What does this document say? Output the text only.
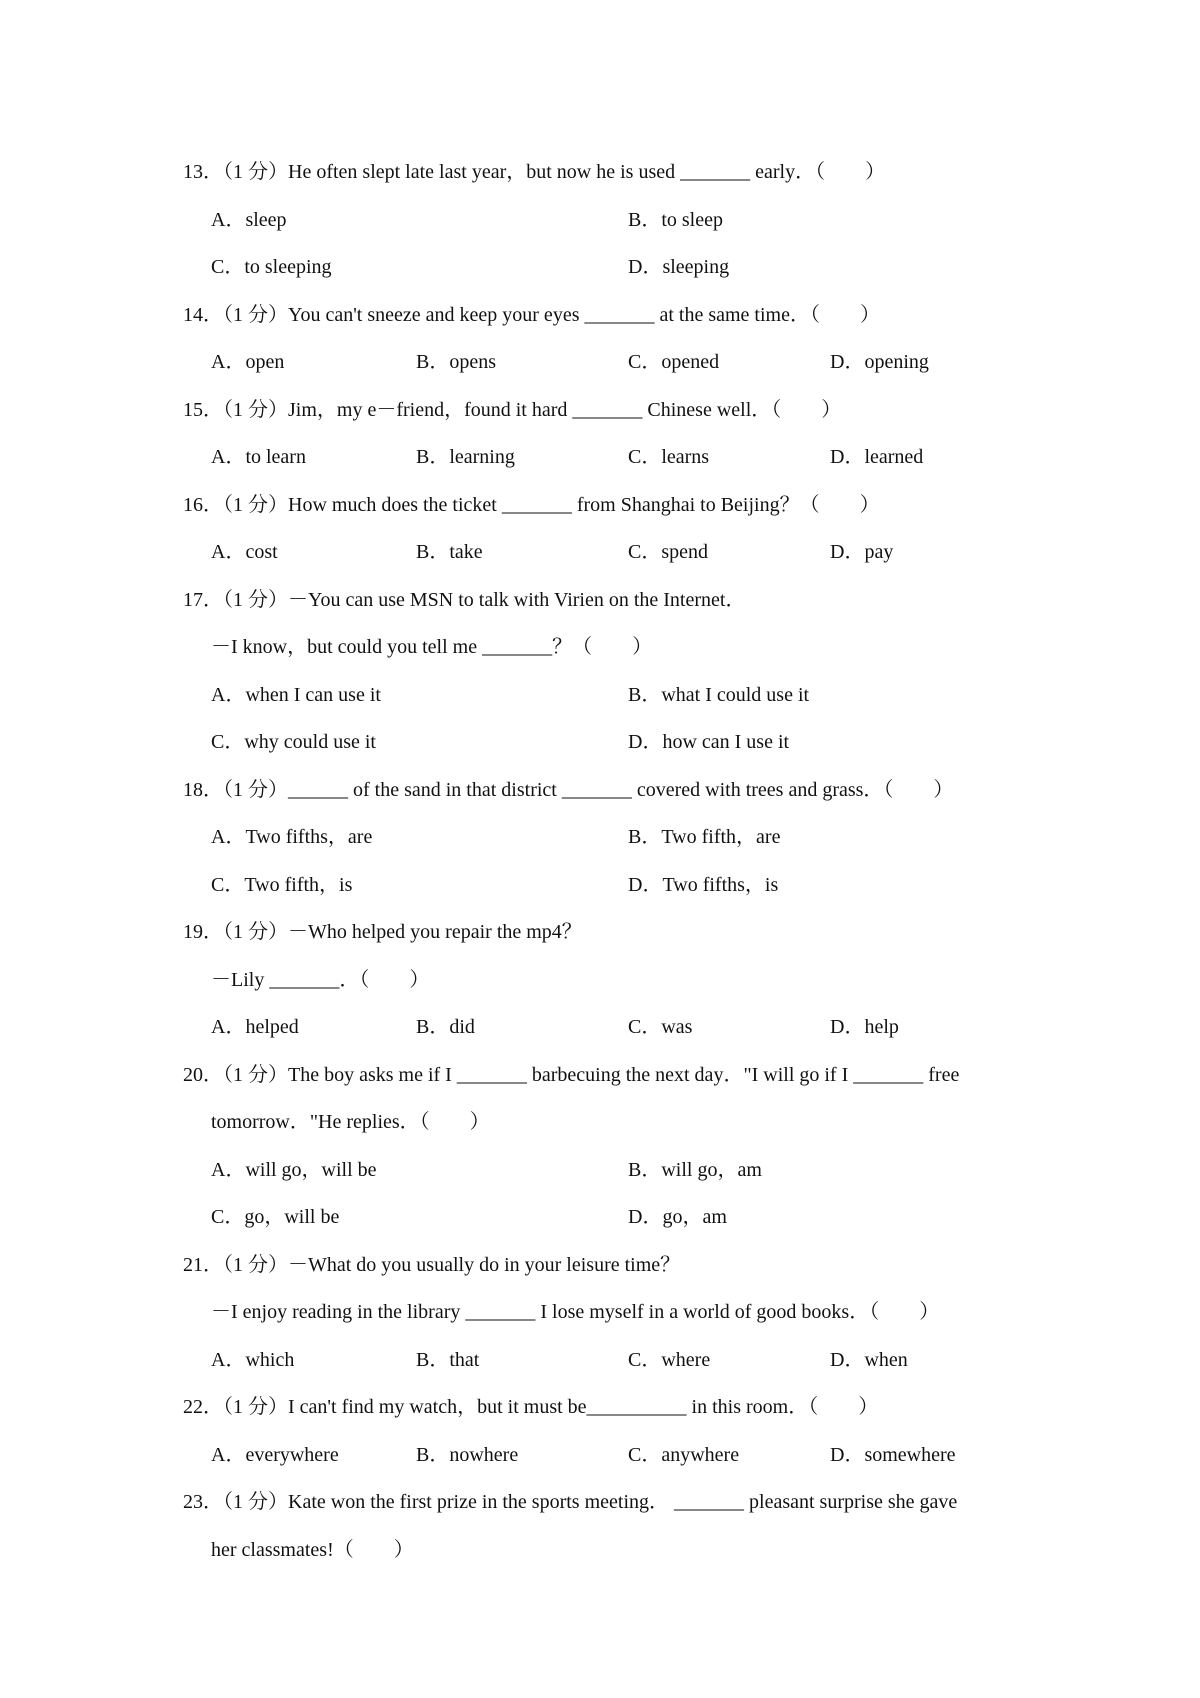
13．（1 分）He often slept late last year，but now he is used _______ early．（　　）
A．sleep	B．to sleep
C．to sleeping	D．sleeping
14．（1 分）You can't sneeze and keep your eyes _______ at the same time．（　　）
A．open	B．opens	C．opened	D．opening
15．（1 分）Jim，my e－friend，found it hard _______ Chinese well．（　　）
A．to learn	B．learning	C．learns	D．learned
16．（1 分）How much does the ticket _______ from Shanghai to Beijing？（　　）
A．cost	B．take	C．spend	D．pay
17．（1 分）－You can use MSN to talk with Virien on the Internet．
－I know，but could you tell me _______？（　　）
A．when I can use it	B．what I could use it
C．why could use it	D．how can I use it
18．（1 分）______ of the sand in that district _______ covered with trees and grass．（　　）
A．Two fifths，are	B．Two fifth，are
C．Two fifth，is	D．Two fifths，is
19．（1 分）－Who helped you repair the mp4？
－Lily _______．（　　）
A．helped	B．did	C．was	D．help
20．（1 分）The boy asks me if I _______ barbecuing the next day．"I will go if I _______ free
tomorrow．"He replies．（　　）
A．will go，will be	B．will go，am
C．go，will be	D．go，am
21．（1 分）－What do you usually do in your leisure time？
－I enjoy reading in the library _______ I lose myself in a world of good books．（　　）
A．which	B．that	C．where	D．when
22．（1 分）I can't find my watch，but it must be__________ in this room．（　　）
A．everywhere	B．nowhere	C．anywhere	D．somewhere
23．（1 分）Kate won the first prize in the sports meeting． _______ pleasant surprise she gave
her classmates!（　　）
